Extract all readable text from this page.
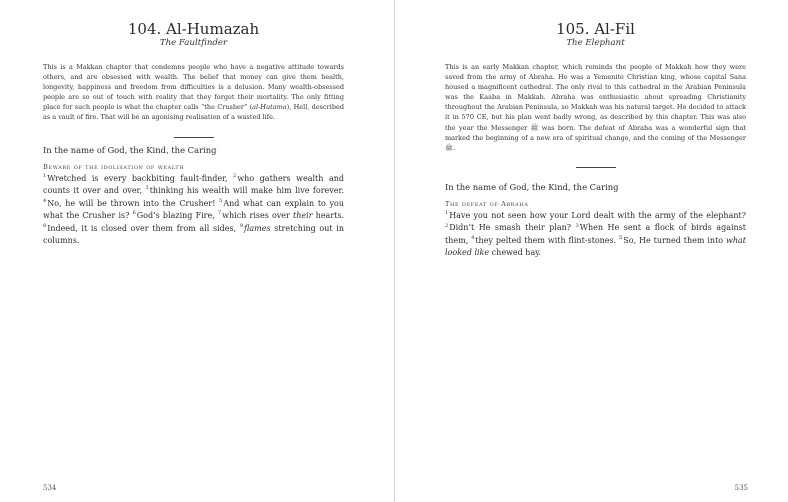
104. Al-Humazah
The Faultfinder

This is a Makkan chapter that condemns people who have a negative attitude towards others, and are obsessed with wealth. The belief that money can give them health, longevity, happiness and freedom from difficulties is a delusion. Many wealth-obsessed people are so out of touch with reality that they forget their mortality. The only fitting place for such people is what the chapter calls “the Crusher” (al-Hutama), Hell, described as a vault of fire. That will be an agonising realisation of a wasted life.

In the name of God, the Kind, the Caring
Beware of the idolisation of wealth

$^1$Wretched is every backbiting fault-finder, $^2$who gathers wealth and counts it over and over, $^3$thinking his wealth will make him live forever. $^4$No, he will be thrown into the Crusher! $^5$And what can explain to you what the Crusher is? $^6$God’s blazing Fire, $^7$which rises over their hearts. $^8$Indeed, it is closed over them from all sides, $^9$flames stretching out in columns.

534
105. Al-Fil
The Elephant

This is an early Makkan chapter, which reminds the people of Makkah how they were saved from the army of Abraha. He was a Yemenite Christian king, whose capital Sana housed a magnificent cathedral. The only rival to this cathedral in the Arabian Peninsula was the Kaaba in Makkah. Abraha was enthusiastic about spreading Christianity throughout the Arabian Peninsula, so Makkah was his natural target. He decided to attack it in 570 CE, but his plan went badly wrong, as described by this chapter. This was also the year the Messenger ﷺ was born. The defeat of Abraha was a wonderful sign that marked the beginning of a new era of spiritual change, and the coming of the Messenger ﷺ.

In the name of God, the Kind, the Caring
The defeat of Abraha

$^1$Have you not seen how your Lord dealt with the army of the elephant? $^2$Didn’t He smash their plan? $^3$When He sent a flock of birds against them, $^4$they pelted them with flint-stones. $^5$So, He turned them into what looked like chewed hay.

535
